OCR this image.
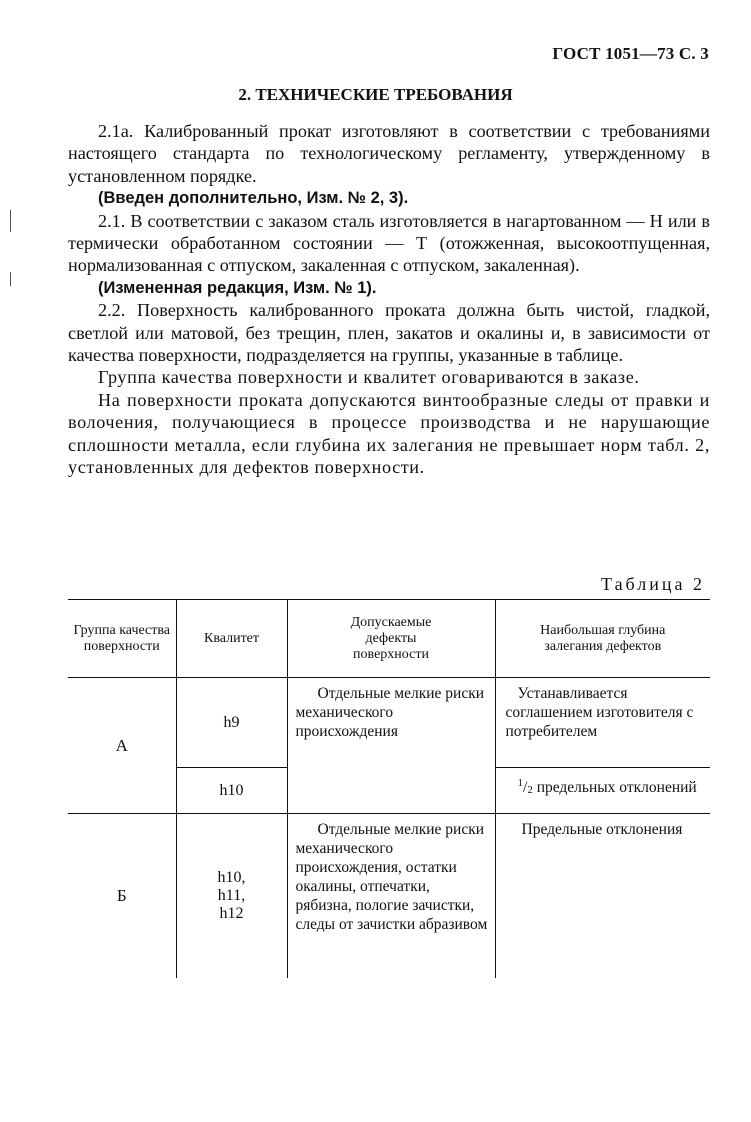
ГОСТ 1051—73 С. 3
2. ТЕХНИЧЕСКИЕ ТРЕБОВАНИЯ

2.1а. Калиброванный прокат изготовляют в соответствии с требованиями настоящего стандарта по технологическому регламенту, утвержденному в установленном порядке.

(Введен дополнительно, Изм. № 2, 3).

2.1. В соответствии с заказом сталь изготовляется в нагартованном — Н или в термически обработанном состоянии — Т (отожженная, высокоотпущенная, нормализованная с отпуском, закаленная с отпуском, закаленная).

(Измененная редакция, Изм. № 1).

2.2. Поверхность калиброванного проката должна быть чистой, гладкой, светлой или матовой, без трещин, плен, закатов и окалины и, в зависимости от качества поверхности, подразделяется на группы, указанные в таблице.

Группа качества поверхности и квалитет оговариваются в заказе.

На поверхности проката допускаются винтообразные следы от правки и волочения, получающиеся в процессе производства и не нарушающие сплошности металла, если глубина их залегания не превышает норм табл. 2, установленных для дефектов поверхности.

Таблица 2
Группа качества поверхности	Квалитет	Допускаемые дефекты поверхности	Наибольшая глубина залегания дефектов

А	h9	Отдельные мелкие риски механического происхождения	Устанавливается соглашением изготовителя с потребителем

	h10		$^1/_2$ предельных отклонений

Б	h10,
h11,
h12	Отдельные мелкие риски механического происхождения, остатки окалины, отпечатки, рябизна, пологие зачистки, следы от зачистки абразивом	Предельные отклонения
